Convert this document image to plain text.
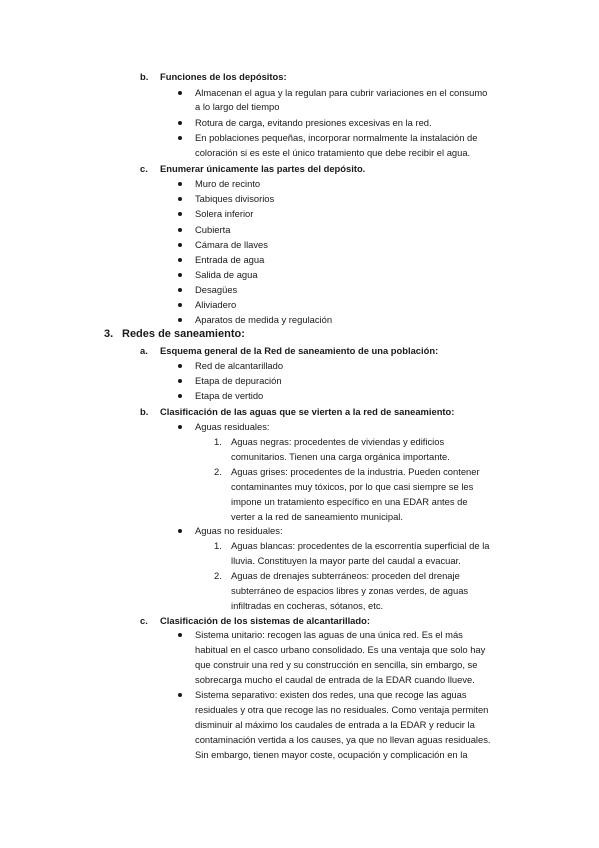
b. Funciones de los depósitos:
Almacenan el agua y la regulan para cubrir variaciones en el consumo
a lo largo del tiempo
Rotura de carga, evitando presiones excesivas en la red.
En poblaciones pequeñas, incorporar normalmente la instalación de
coloración si es este el único tratamiento que debe recibir el agua.
c. Enumerar únicamente las partes del depósito.
Muro de recinto
Tabiques divisorios
Solera inferior
Cubierta
Cámara de llaves
Entrada de agua
Salida de agua
Desagües
Aliviadero
Aparatos de medida y regulación
3. Redes de saneamiento:
a. Esquema general de la Red de saneamiento de una población:
Red de alcantarillado
Etapa de depuración
Etapa de vertido
b. Clasificación de las aguas que se vierten a la red de saneamiento:
Aguas residuales:
1. Aguas negras: procedentes de viviendas y edificios
comunitarios. Tienen una carga orgánica importante.
2. Aguas grises: procedentes de la industria. Pueden contener
contaminantes muy tóxicos, por lo que casi siempre se les
impone un tratamiento específico en una EDAR antes de
verter a la red de saneamiento municipal.
Aguas no residuales:
1. Aguas blancas: procedentes de la escorrentía superficial de la
lluvia. Constituyen la mayor parte del caudal a evacuar.
2. Aguas de drenajes subterráneos: proceden del drenaje
subterráneo de espacios libres y zonas verdes, de aguas
infiltradas en cocheras, sótanos, etc.
c. Clasificación de los sistemas de alcantarillado:
Sistema unitario: recogen las aguas de una única red. Es el más
habitual en el casco urbano consolidado. Es una ventaja que solo hay
que construir una red y su construcción en sencilla, sin embargo, se
sobrecarga mucho el caudal de entrada de la EDAR cuando llueve.
Sistema separativo: existen dos redes, una que recoge las aguas
residuales y otra que recoge las no residuales. Como ventaja permiten
disminuir al máximo los caudales de entrada a la EDAR y reducir la
contaminación vertida a los causes, ya que no llevan aguas residuales.
Sin embargo, tienen mayor coste, ocupación y complicación en la
